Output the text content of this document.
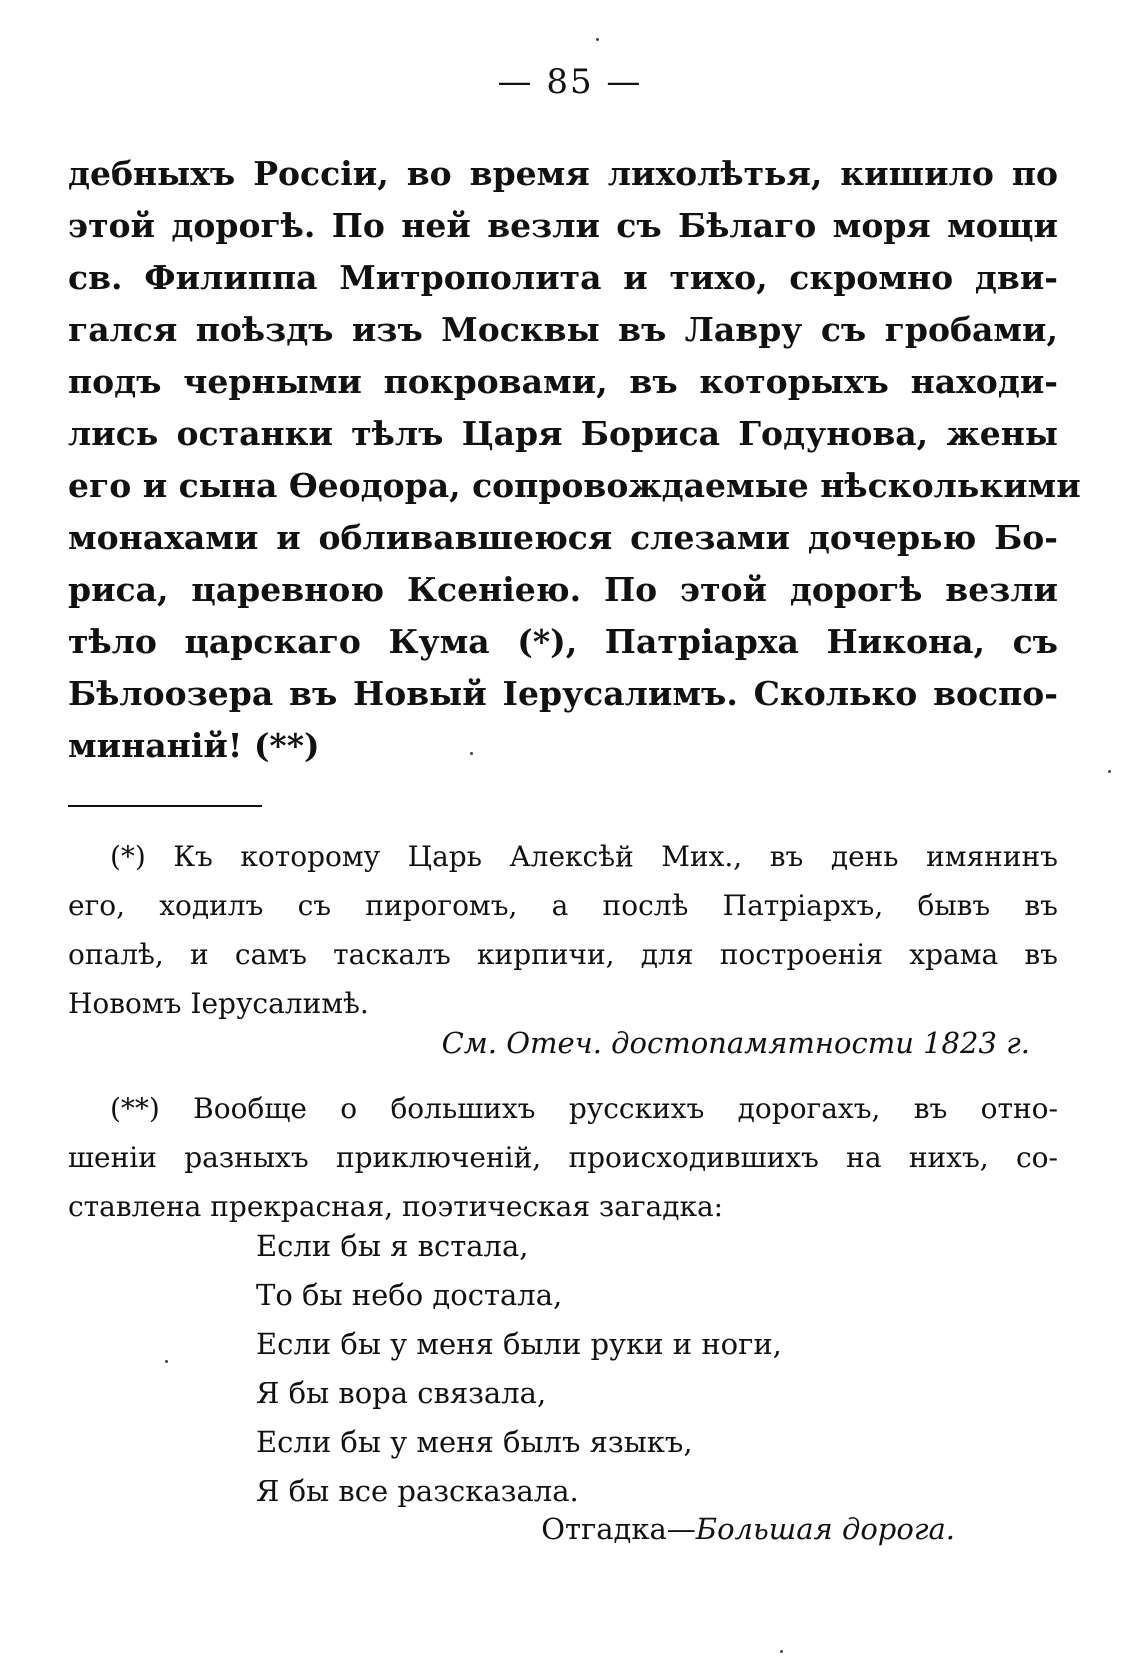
— 85 —
дебныхъ Россіи, во время лихолѣтья, кишило по
этой дорогѣ. По ней везли съ Бѣлаго моря мощи
св. Филиппа Митрополита и тихо, скромно дви-
гался поѣздъ изъ Москвы въ Лавру съ гробами,
подъ черными покровами, въ которыхъ находи-
лись останки тѣлъ Царя Бориса Годунова, жены
его и сына Ѳеодора, сопровождаемые нѣсколькими
монахами и обливавшеюся слезами дочерью Бо-
риса, царевною Ксеніею. По этой дорогѣ везли
тѣло царскаго Кума (*), Патріарха Никона, съ
Бѣлоозера въ Новый Іерусалимъ. Сколько воспо-
минаній! (**)
(*) Къ которому Царь Алексѣй Мих., въ день имянинъ
его, ходилъ съ пирогомъ, а послѣ Патріархъ, бывъ въ
опалѣ, и самъ таскалъ кирпичи, для построенія храма въ
Новомъ Іерусалимѣ.
См. Отеч. достопамятности 1823 г.
(**) Вообще о большихъ русскихъ дорогахъ, въ отно-
шеніи разныхъ приключеній, происходившихъ на нихъ, со-
ставлена прекрасная, поэтическая загадка:
Если бы я встала,
То бы небо достала,
Если бы у меня были руки и ноги,
Я бы вора связала,
Если бы у меня былъ языкъ,
Я бы все разсказала.
Отгадка—Большая дорога.
